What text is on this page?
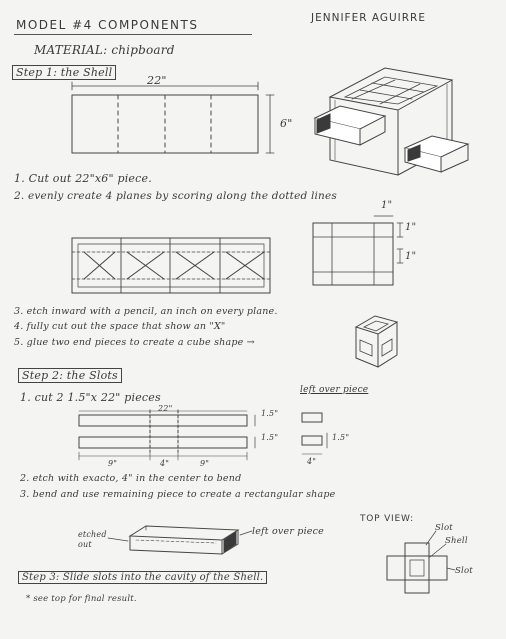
MODEL #4 COMPONENTS	JENNIFER AGUIRRE
MATERIAL: chipboard
Step 1: the Shell
22"
6"
1. Cut out 22"x6" piece.
2. evenly create 4 planes by scoring along the dotted lines
1"
1"
1"
3. etch inward with a pencil, an inch on every plane.
4. fully cut out the space that show an "X"
5. glue two end pieces to create a cube shape →
Step 2: the Slots
1. cut 2 1.5"x 22" pieces
left over piece
22"
1.5"
1.5"	1.5"
4"
9"	4"	9"
2. etch with exacto, 4" in the center to bend
3. bend and use remaining piece to create a rectangular shape
etched out
left over piece
TOP VIEW:
Slot
Shell
Slot
Step 3: Slide slots into the cavity of the Shell.
* see top for final result.
